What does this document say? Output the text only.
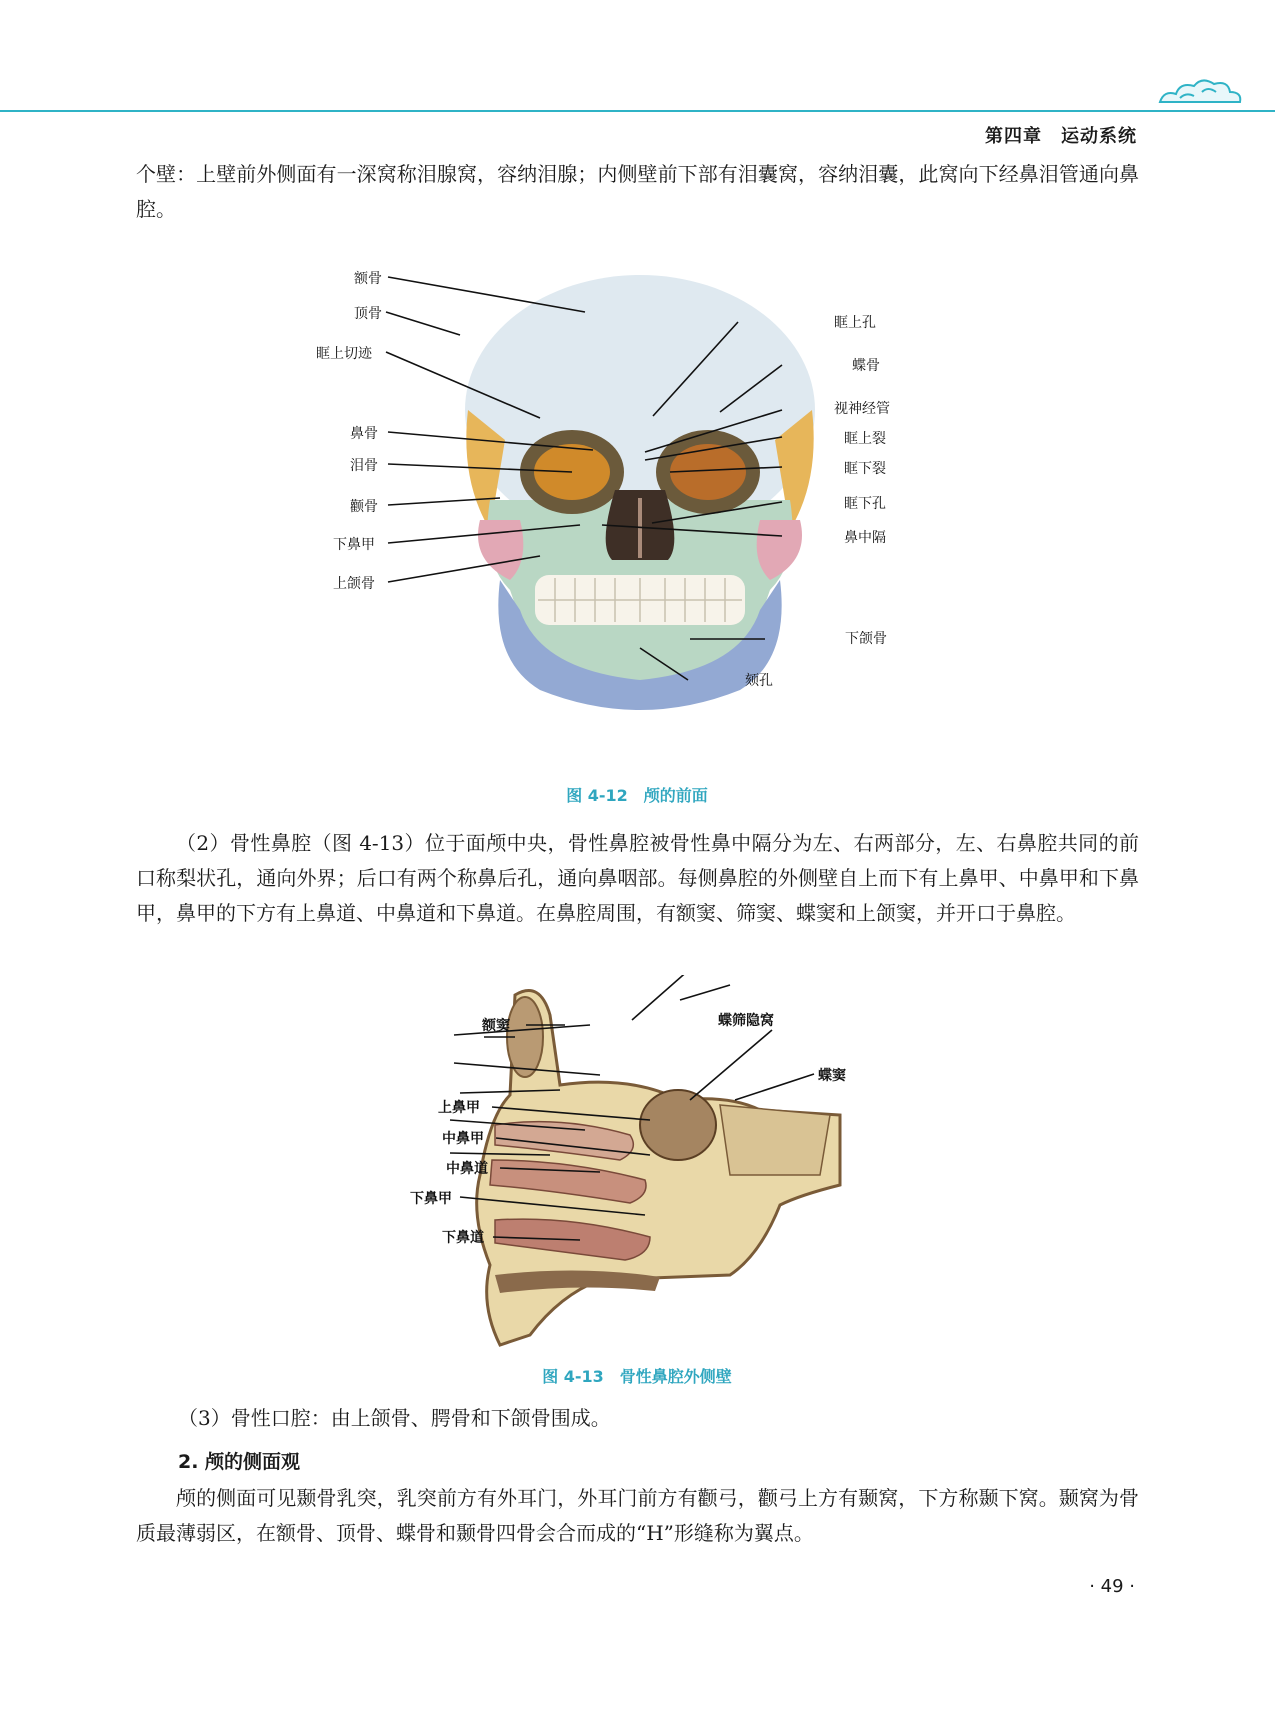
第四章　运动系统
个壁：上壁前外侧面有一深窝称泪腺窝，容纳泪腺；内侧壁前下部有泪囊窝，容纳泪囊，此窝向下经鼻泪管通向鼻腔。
额骨
顶骨
眶上切迹
鼻骨
泪骨
颧骨
下鼻甲
上颌骨
眶上孔
蝶骨
视神经管
眶上裂
眶下裂
眶下孔
鼻中隔
下颌骨
颏孔
图 4-12　颅的前面
（2）骨性鼻腔（图 4-13）位于面颅中央，骨性鼻腔被骨性鼻中隔分为左、右两部分，左、右鼻腔共同的前口称梨状孔，通向外界；后口有两个称鼻后孔，通向鼻咽部。每侧鼻腔的外侧壁自上而下有上鼻甲、中鼻甲和下鼻甲，鼻甲的下方有上鼻道、中鼻道和下鼻道。在鼻腔周围，有额窦、筛窦、蝶窦和上颌窦，并开口于鼻腔。
额窦	蝶筛隐窝
蝶窦
上鼻甲
中鼻甲
中鼻道
下鼻甲
下鼻道
图 4-13　骨性鼻腔外侧壁
（3）骨性口腔：由上颌骨、腭骨和下颌骨围成。
2. 颅的侧面观
颅的侧面可见颞骨乳突，乳突前方有外耳门，外耳门前方有颧弓，颧弓上方有颞窝，下方称颞下窝。颞窝为骨质最薄弱区，在额骨、顶骨、蝶骨和颞骨四骨会合而成的“H”形缝称为翼点。
· 49 ·
